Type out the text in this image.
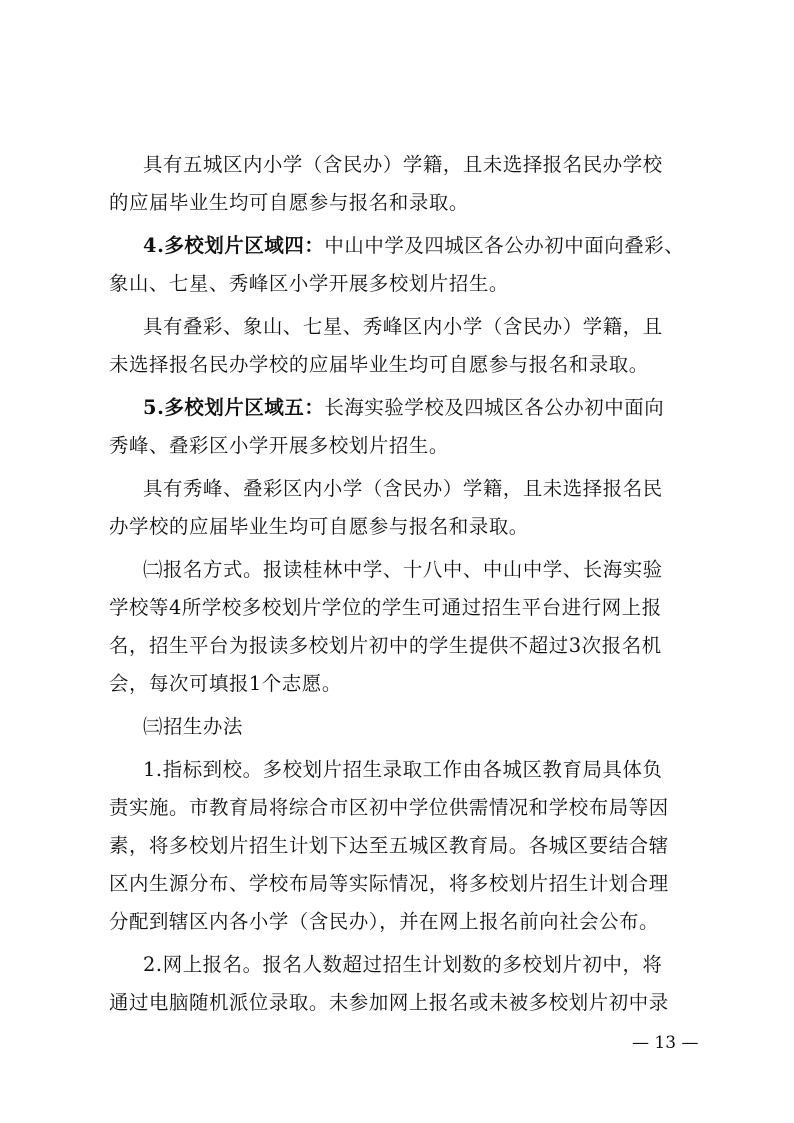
具有五城区内小学（含民办）学籍，且未选择报名民办学校
的应届毕业生均可自愿参与报名和录取。
4.多校划片区域四：中山中学及四城区各公办初中面向叠彩、
象山、七星、秀峰区小学开展多校划片招生。
具有叠彩、象山、七星、秀峰区内小学（含民办）学籍，且
未选择报名民办学校的应届毕业生均可自愿参与报名和录取。
5.多校划片区域五：长海实验学校及四城区各公办初中面向
秀峰、叠彩区小学开展多校划片招生。
具有秀峰、叠彩区内小学（含民办）学籍，且未选择报名民
办学校的应届毕业生均可自愿参与报名和录取。
㈡报名方式。报读桂林中学、十八中、中山中学、长海实验
学校等4所学校多校划片学位的学生可通过招生平台进行网上报
名，招生平台为报读多校划片初中的学生提供不超过3次报名机
会，每次可填报1个志愿。
㈢招生办法
1.指标到校。多校划片招生录取工作由各城区教育局具体负
责实施。市教育局将综合市区初中学位供需情况和学校布局等因
素，将多校划片招生计划下达至五城区教育局。各城区要结合辖
区内生源分布、学校布局等实际情况，将多校划片招生计划合理
分配到辖区内各小学（含民办），并在网上报名前向社会公布。
2.网上报名。报名人数超过招生计划数的多校划片初中，将
通过电脑随机派位录取。未参加网上报名或未被多校划片初中录
— 13 —
